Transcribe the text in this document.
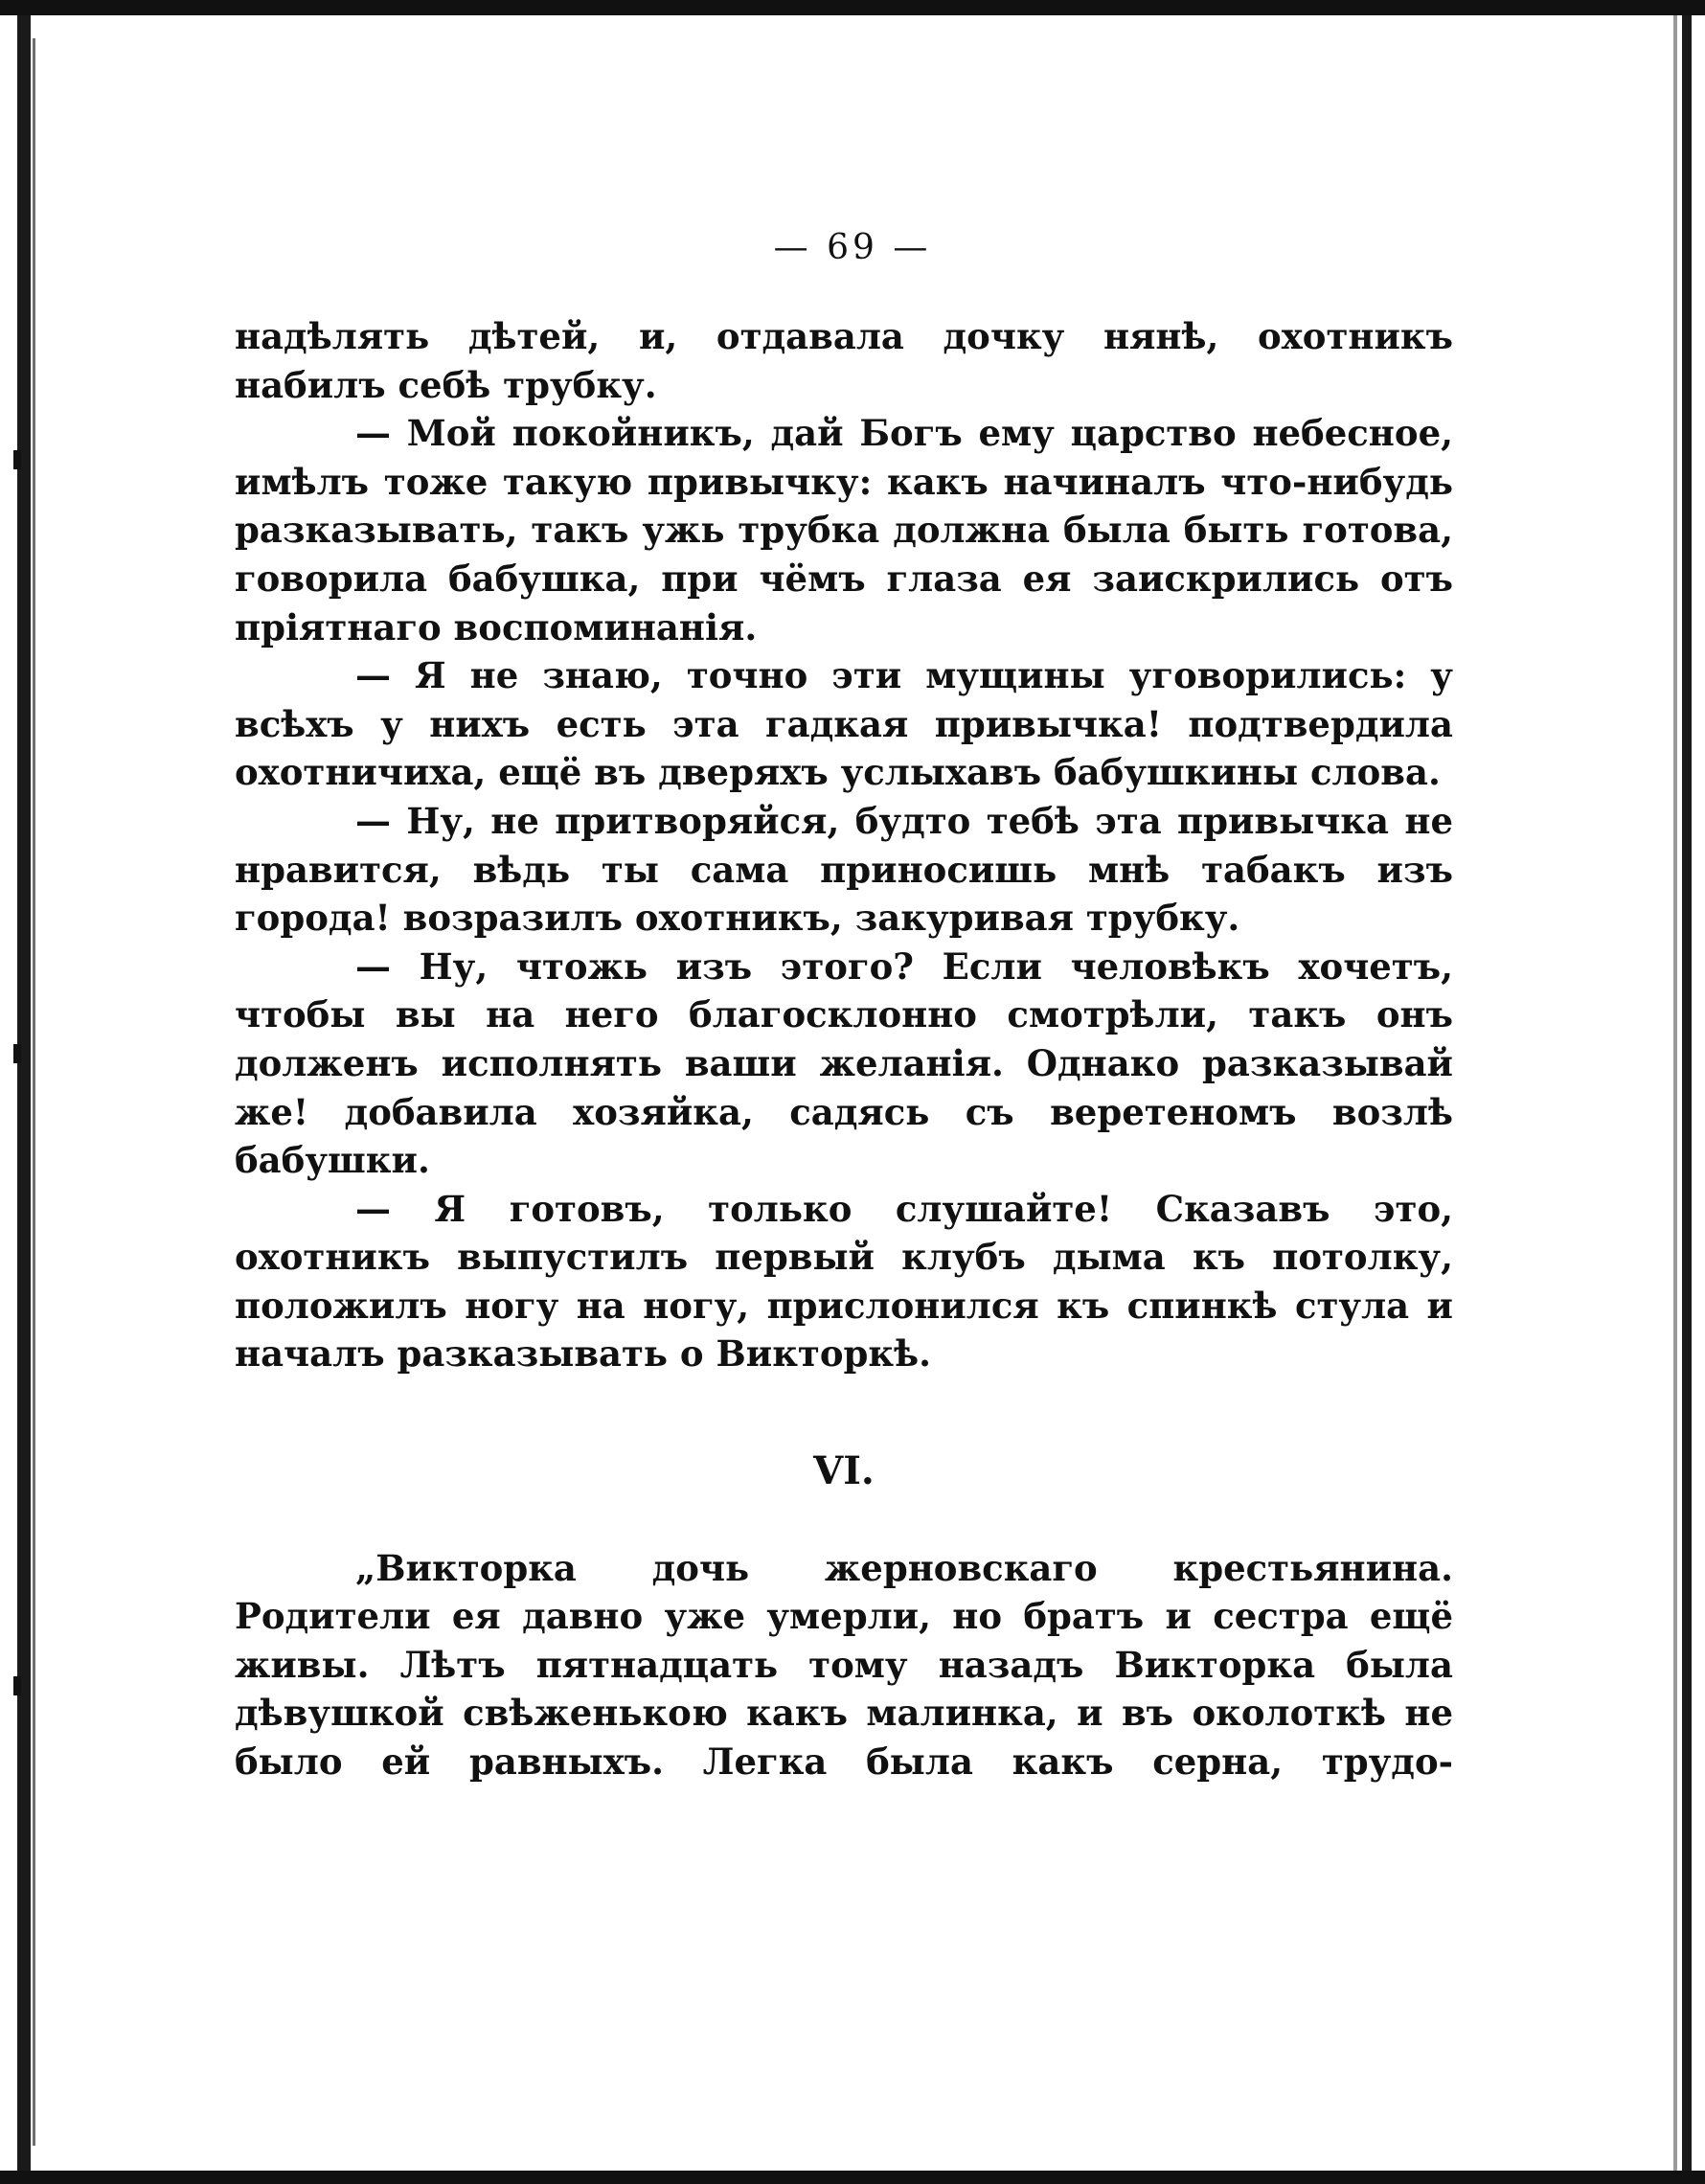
— 69 —

надѣлять дѣтей, и, отдавала дочку нянѣ, охотникъ набилъ себѣ трубку.

— Мой покойникъ, дай Богъ ему царство небесное, имѣлъ тоже такую привычку: какъ начиналъ что-нибудь разказывать, такъ ужь трубка должна была быть готова, говорила бабушка, при чёмъ глаза ея заискрились отъ пріятнаго воспоминанія.

— Я не знаю, точно эти мущины уговорились: у всѣхъ у нихъ есть эта гадкая привычка! подтвердила охотничиха, ещё въ дверяхъ услыхавъ бабушкины слова.

— Ну, не притворяйся, будто тебѣ эта привычка не нравится, вѣдь ты сама приносишь мнѣ табакъ изъ города! возразилъ охотникъ, закуривая трубку.

— Ну, чтожь изъ этого? Если человѣкъ хочетъ, чтобы вы на него благосклонно смотрѣли, такъ онъ долженъ исполнять ваши желанія. Однако разказывай же! добавила хозяйка, садясь съ веретеномъ возлѣ бабушки.

— Я готовъ, только слушайте! Сказавъ это, охотникъ выпустилъ первый клубъ дыма къ потолку, положилъ ногу на ногу, прислонился къ спинкѣ стула и началъ разказывать о Викторкѣ.

VI.

„Викторка дочь жерновскаго крестьянина. Родители ея давно уже умерли, но братъ и сестра ещё живы. Лѣтъ пятнадцать тому назадъ Викторка была дѣвушкой свѣженькою какъ малинка, и въ околоткѣ не было ей равныхъ. Легка была какъ серна, трудо-
